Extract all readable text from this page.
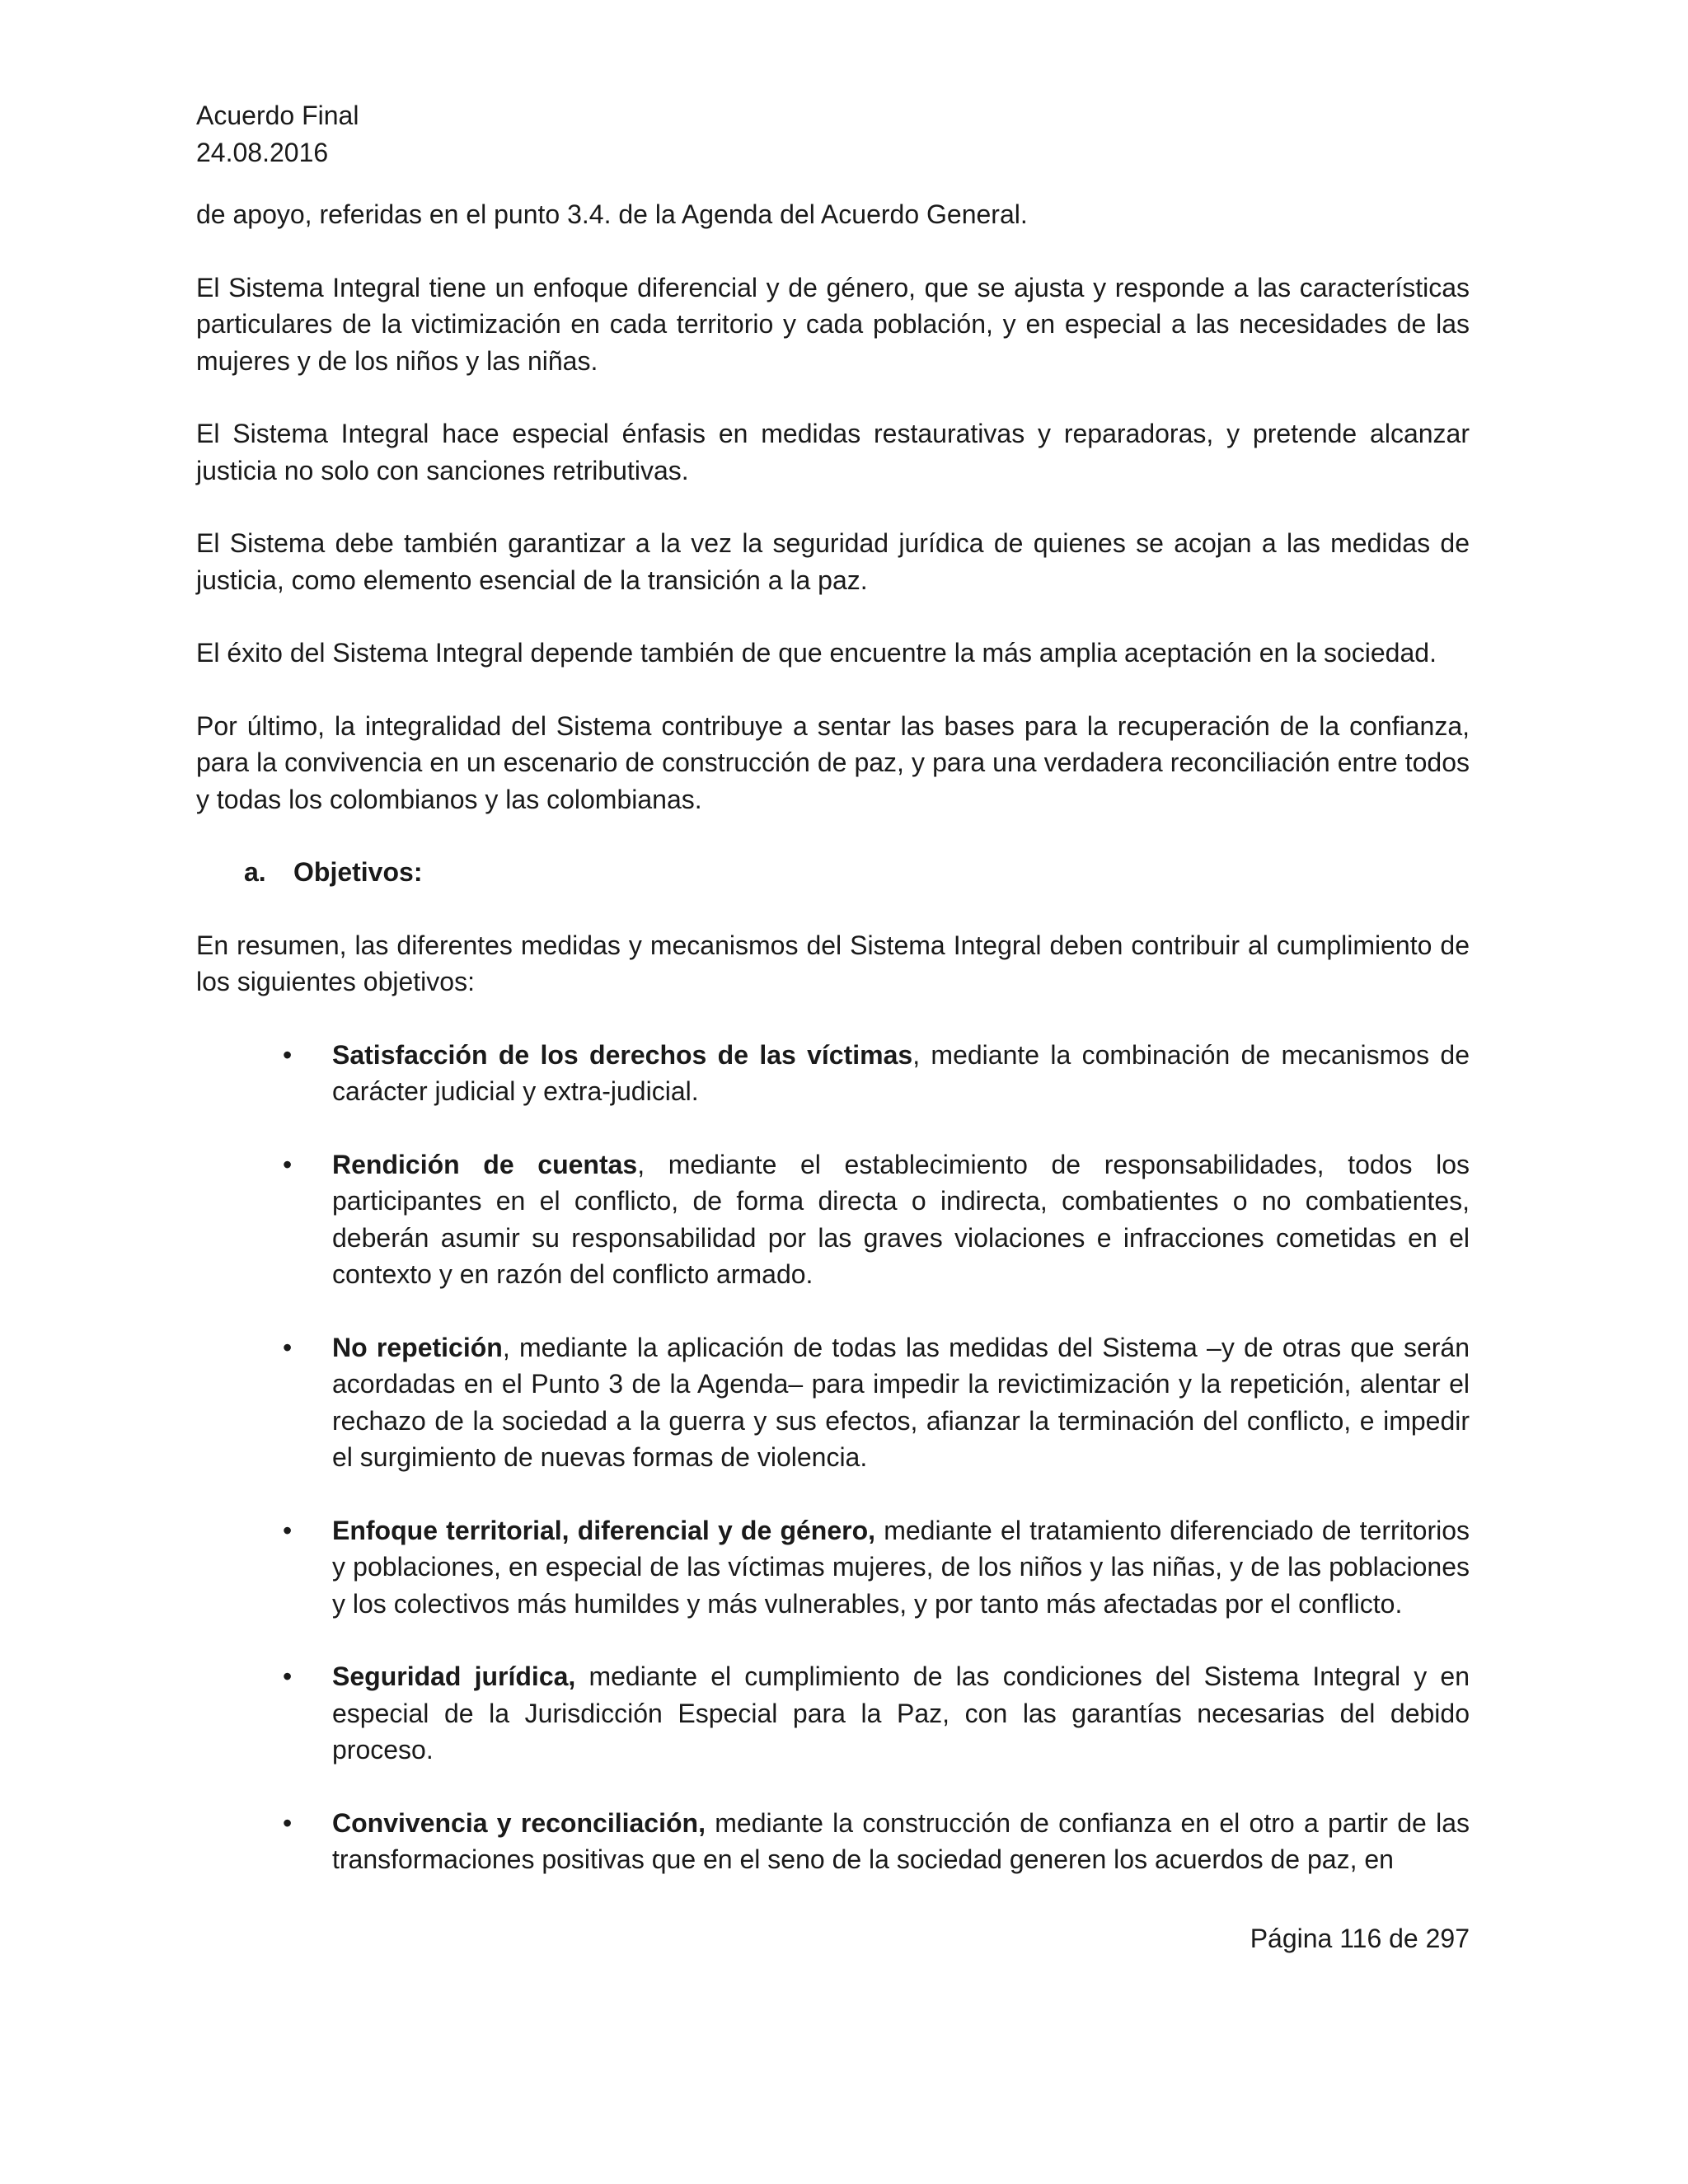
Acuerdo Final
24.08.2016

de apoyo, referidas en el punto 3.4. de la Agenda del Acuerdo General.

El Sistema Integral tiene un enfoque diferencial y de género, que se ajusta y responde a las características particulares de la victimización en cada territorio y cada población, y en especial a las necesidades de las mujeres y de los niños y las niñas.

El Sistema Integral hace especial énfasis en medidas restaurativas y reparadoras, y pretende alcanzar justicia no solo con sanciones retributivas.

El Sistema debe también garantizar a la vez la seguridad jurídica de quienes se acojan a las medidas de justicia, como elemento esencial de la transición a la paz.

El éxito del Sistema Integral depende también de que encuentre la más amplia aceptación en la sociedad.

Por último, la integralidad del Sistema contribuye a sentar las bases para la recuperación de la confianza, para la convivencia en un escenario de construcción de paz, y para una verdadera reconciliación entre todos y todas los colombianos y las colombianas.

a. Objetivos:

En resumen, las diferentes medidas y mecanismos del Sistema Integral deben contribuir al cumplimiento de los siguientes objetivos:

• Satisfacción de los derechos de las víctimas, mediante la combinación de mecanismos de carácter judicial y extra-judicial.
• Rendición de cuentas, mediante el establecimiento de responsabilidades, todos los participantes en el conflicto, de forma directa o indirecta, combatientes o no combatientes, deberán asumir su responsabilidad por las graves violaciones e infracciones cometidas en el contexto y en razón del conflicto armado.
• No repetición, mediante la aplicación de todas las medidas del Sistema –y de otras que serán acordadas en el Punto 3 de la Agenda– para impedir la revictimización y la repetición, alentar el rechazo de la sociedad a la guerra y sus efectos, afianzar la terminación del conflicto, e impedir el surgimiento de nuevas formas de violencia.
• Enfoque territorial, diferencial y de género, mediante el tratamiento diferenciado de territorios y poblaciones, en especial de las víctimas mujeres, de los niños y las niñas, y de las poblaciones y los colectivos más humildes y más vulnerables, y por tanto más afectadas por el conflicto.
• Seguridad jurídica, mediante el cumplimiento de las condiciones del Sistema Integral y en especial de la Jurisdicción Especial para la Paz, con las garantías necesarias del debido proceso.
• Convivencia y reconciliación, mediante la construcción de confianza en el otro a partir de las transformaciones positivas que en el seno de la sociedad generen los acuerdos de paz, en
Página 116 de 297
